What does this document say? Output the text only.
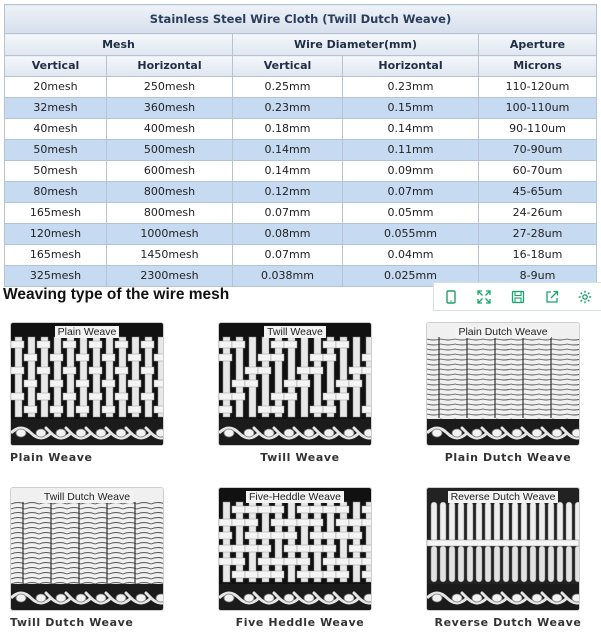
Stainless Steel Wire Cloth (Twill Dutch Weave)				
Mesh		Wire Diameter(mm)		Aperture
Vertical	Horizontal	Vertical	Horizontal	Microns
20mesh	250mesh	0.25mm	0.23mm	110-120um
32mesh	360mesh	0.23mm	0.15mm	100-110um
40mesh	400mesh	0.18mm	0.14mm	90-110um
50mesh	500mesh	0.14mm	0.11mm	70-90um
50mesh	600mesh	0.14mm	0.09mm	60-70um
80mesh	800mesh	0.12mm	0.07mm	45-65um
165mesh	800mesh	0.07mm	0.05mm	24-26um
120mesh	1000mesh	0.08mm	0.055mm	27-28um
165mesh	1450mesh	0.07mm	0.04mm	16-18um
325mesh	2300mesh	0.038mm	0.025mm	8-9um
Weaving type of the wire mesh
Plain Weave
Plain Weave
Twill Weave
Twill Weave
Plain Dutch Weave
Plain Dutch Weave
Twill Dutch Weave
Twill Dutch Weave
Five-Heddle Weave
Five Heddle Weave
Reverse Dutch Weave
Reverse Dutch Weave
